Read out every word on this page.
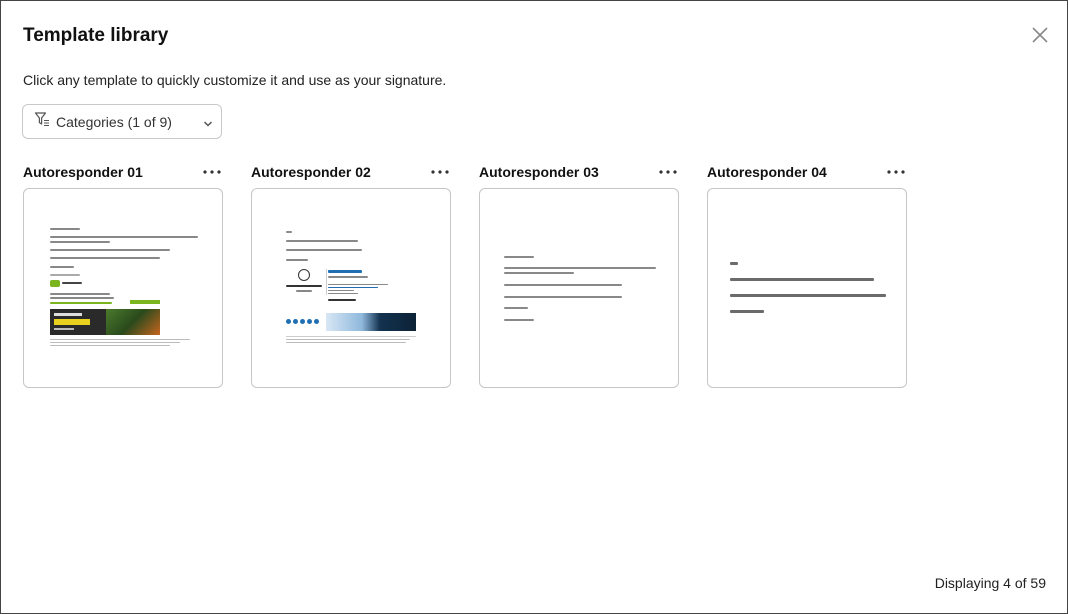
Template library
Click any template to quickly customize it and use as your signature.
Categories (1 of 9)
Autoresponder 01	Autoresponder 02	Autoresponder 03	Autoresponder 04
Displaying 4 of 59
